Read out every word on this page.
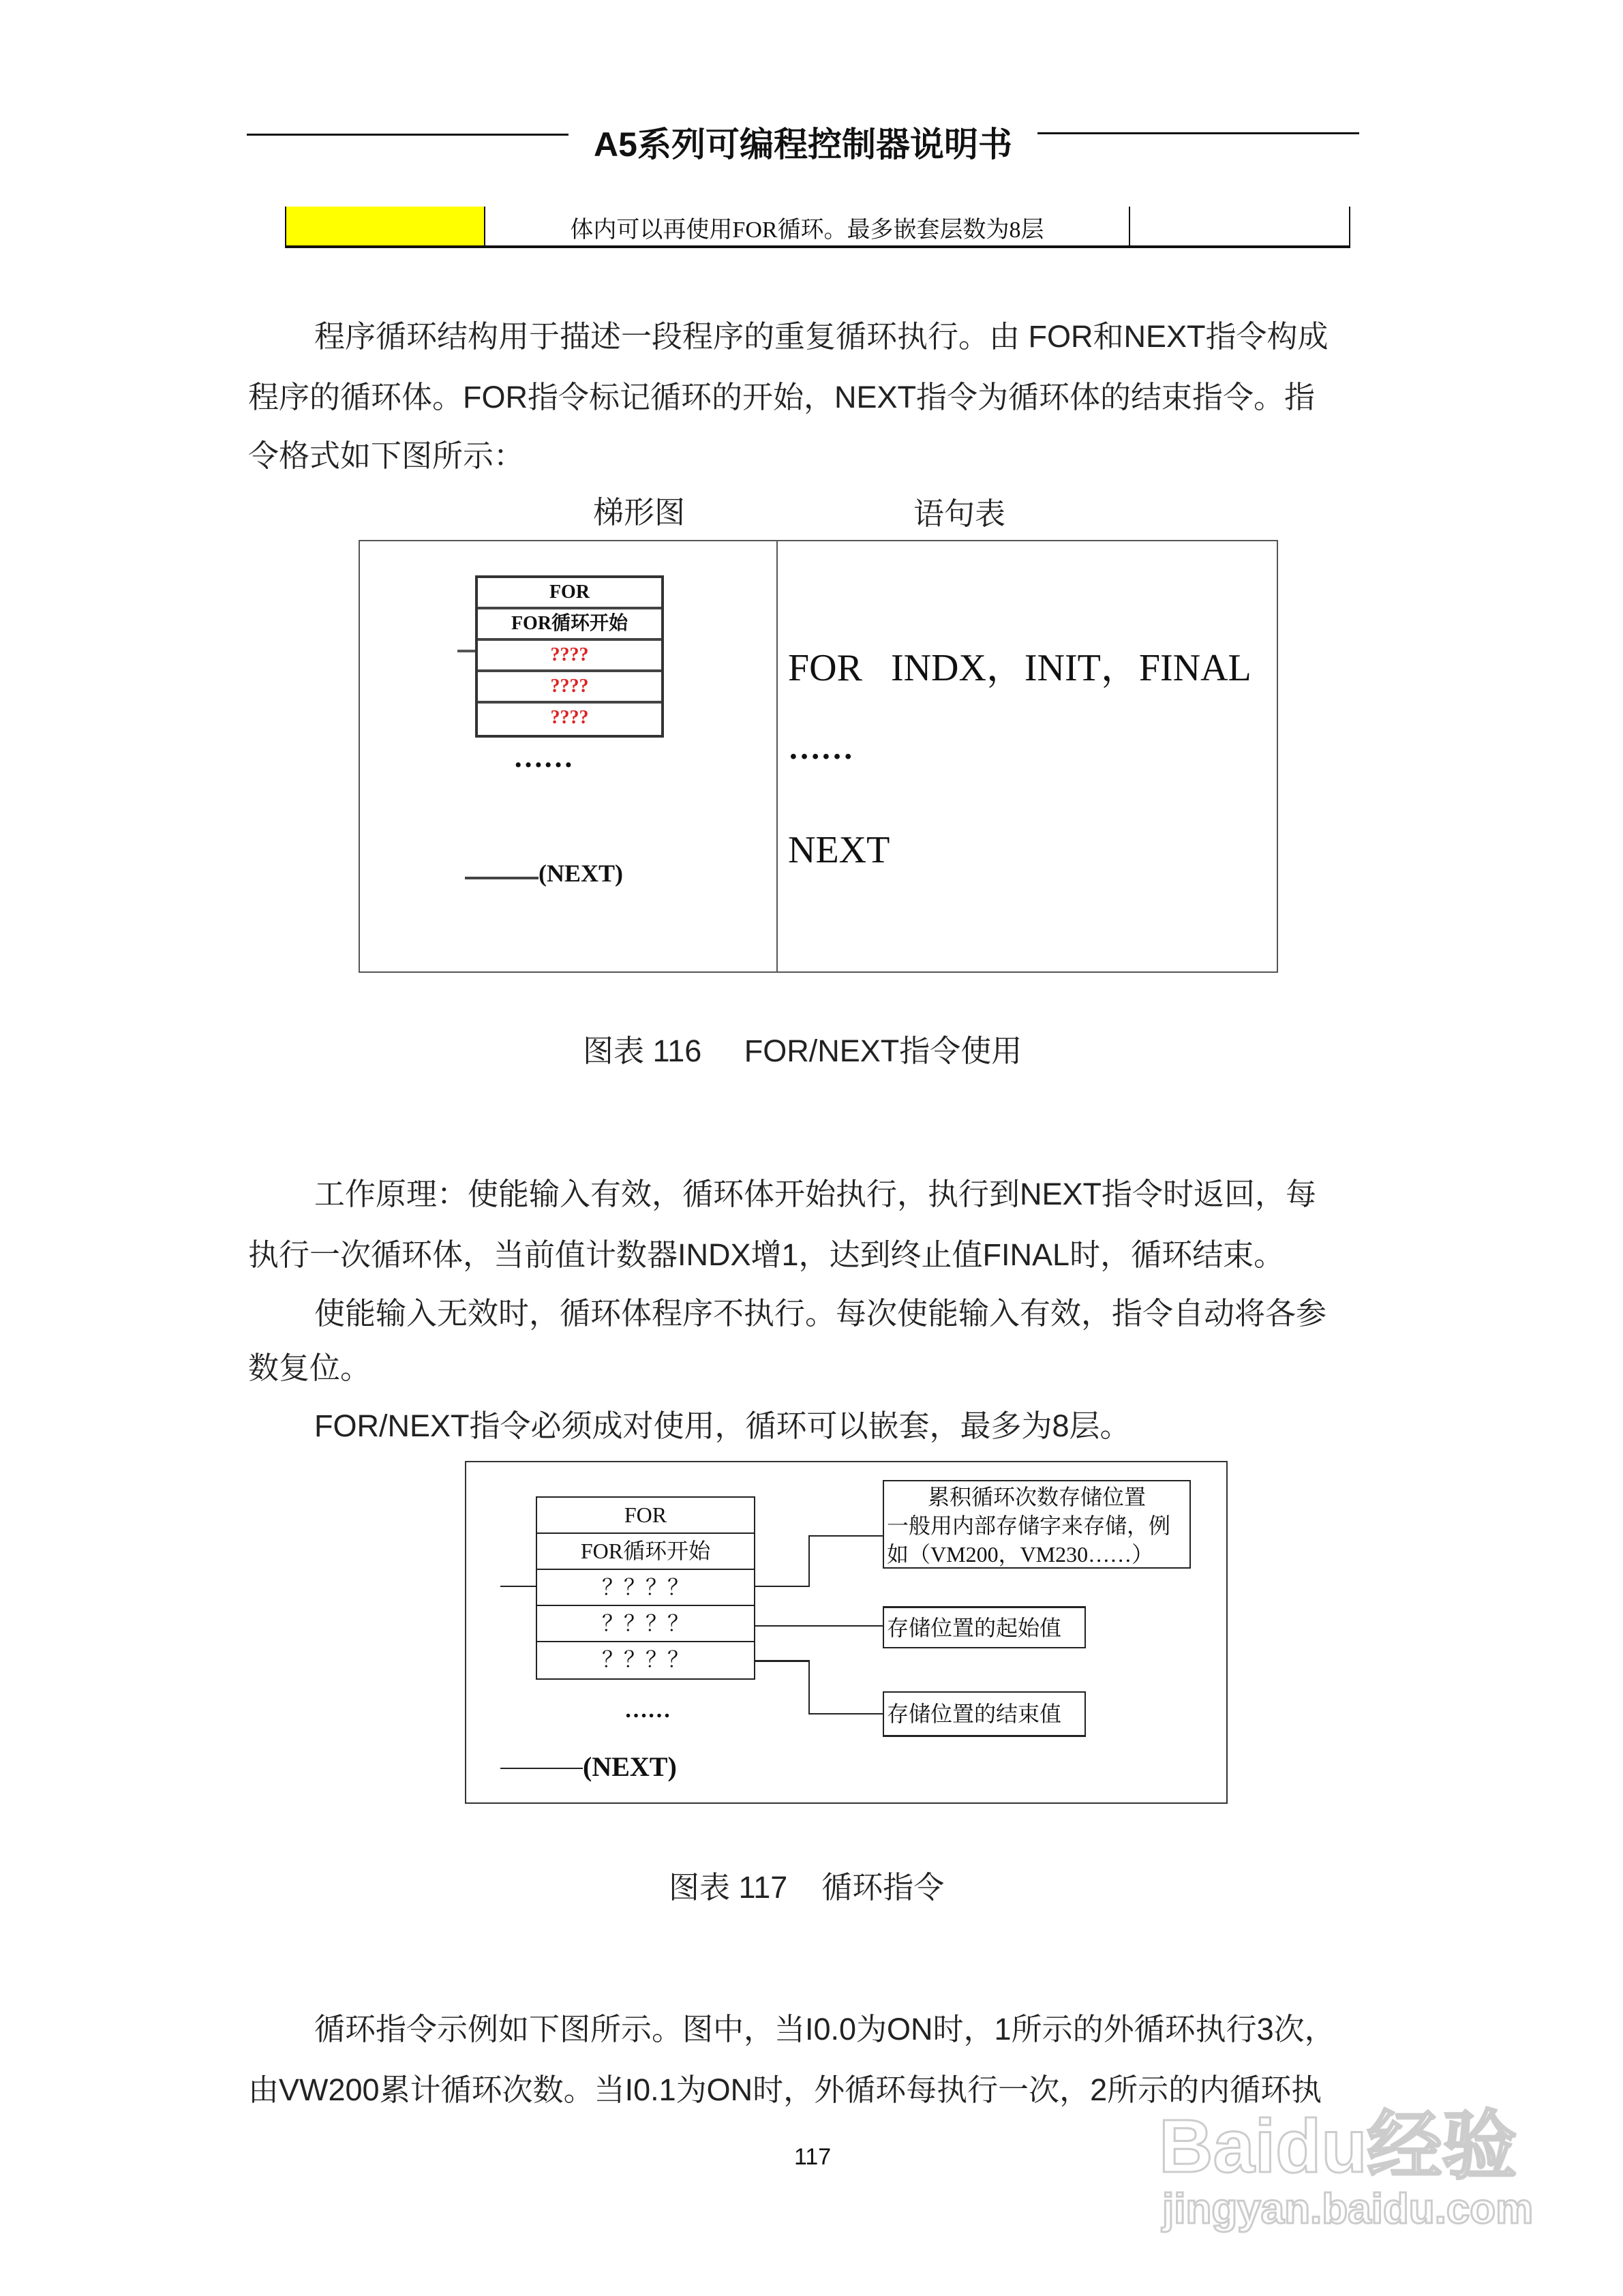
A5系列可编程控制器说明书
体内可以再使用FOR循环。最多嵌套层数为8层
程序循环结构用于描述一段程序的重复循环执行。由 FOR和NEXT指令构成
程序的循环体。FOR指令标记循环的开始，NEXT指令为循环体的结束指令。指
令格式如下图所示：
梯形图	语句表
FOR
FOR循环开始
????
????
????
……
(NEXT)
FOR   INDX，INIT，FINAL
……
NEXT
图表 116     FOR/NEXT指令使用
工作原理：使能输入有效，循环体开始执行，执行到NEXT指令时返回，每
执行一次循环体，当前值计数器INDX增1，达到终止值FINAL时，循环结束。
使能输入无效时，循环体程序不执行。每次使能输入有效，指令自动将各参
数复位。
FOR/NEXT指令必须成对使用，循环可以嵌套，最多为8层。
FOR
FOR循环开始
？？？？
？？？？
？？？？
累积循环次数存储位置
一般用内部存储字来存储，例
如（VM200，VM230……）
存储位置的起始值
存储位置的结束值
……
(NEXT)
图表 117    循环指令
循环指令示例如下图所示。图中，当I0.0为ON时，1所示的外循环执行3次，
由VW200累计循环次数。当I0.1为ON时，外循环每执行一次，2所示的内循环执
117	Baidu经验
jingyan.baidu.com
